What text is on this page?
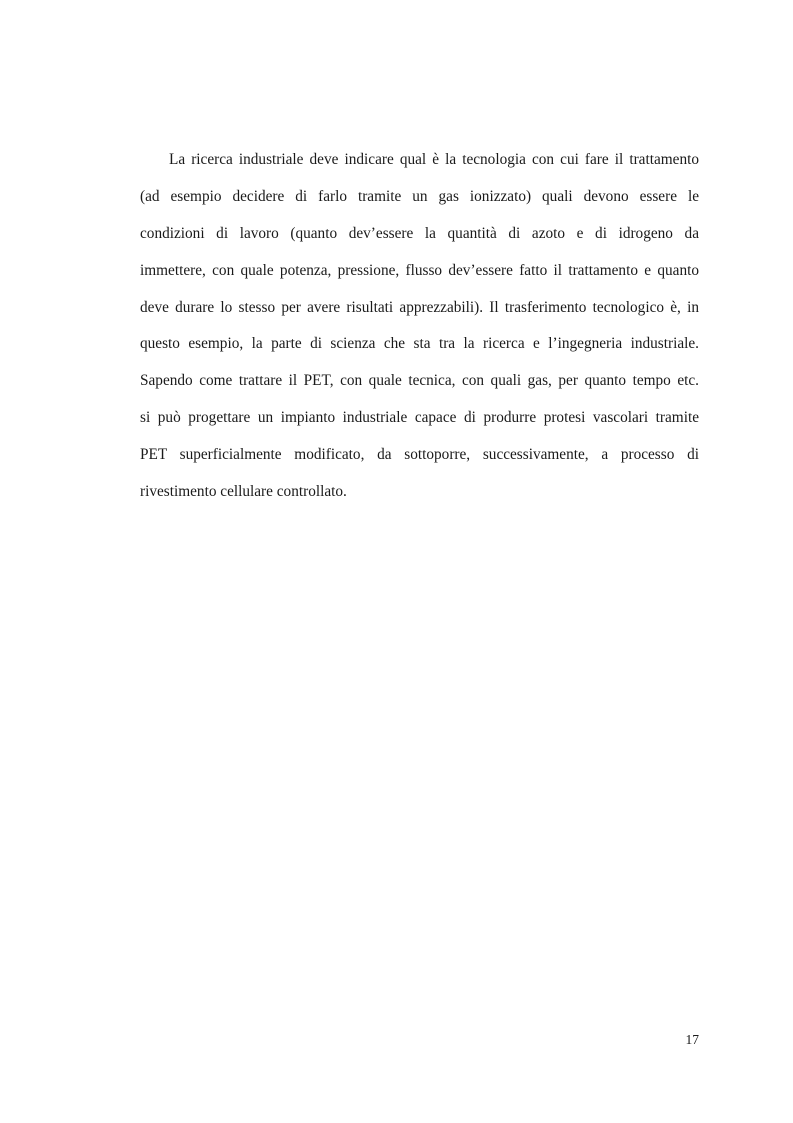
La ricerca industriale deve indicare qual è la tecnologia con cui fare il trattamento
(ad esempio decidere di farlo tramite un gas ionizzato) quali devono essere le
condizioni di lavoro (quanto dev’essere la quantità di azoto e di idrogeno da
immettere, con quale potenza, pressione, flusso dev’essere fatto il trattamento e quanto
deve durare lo stesso per avere risultati apprezzabili). Il trasferimento tecnologico è, in
questo esempio, la parte di scienza che sta tra la ricerca e l’ingegneria industriale.
Sapendo come trattare il PET, con quale tecnica, con quali gas, per quanto tempo etc.
si può progettare un impianto industriale capace di produrre protesi vascolari tramite
PET superficialmente modificato, da sottoporre, successivamente, a processo di
rivestimento cellulare controllato.
17
